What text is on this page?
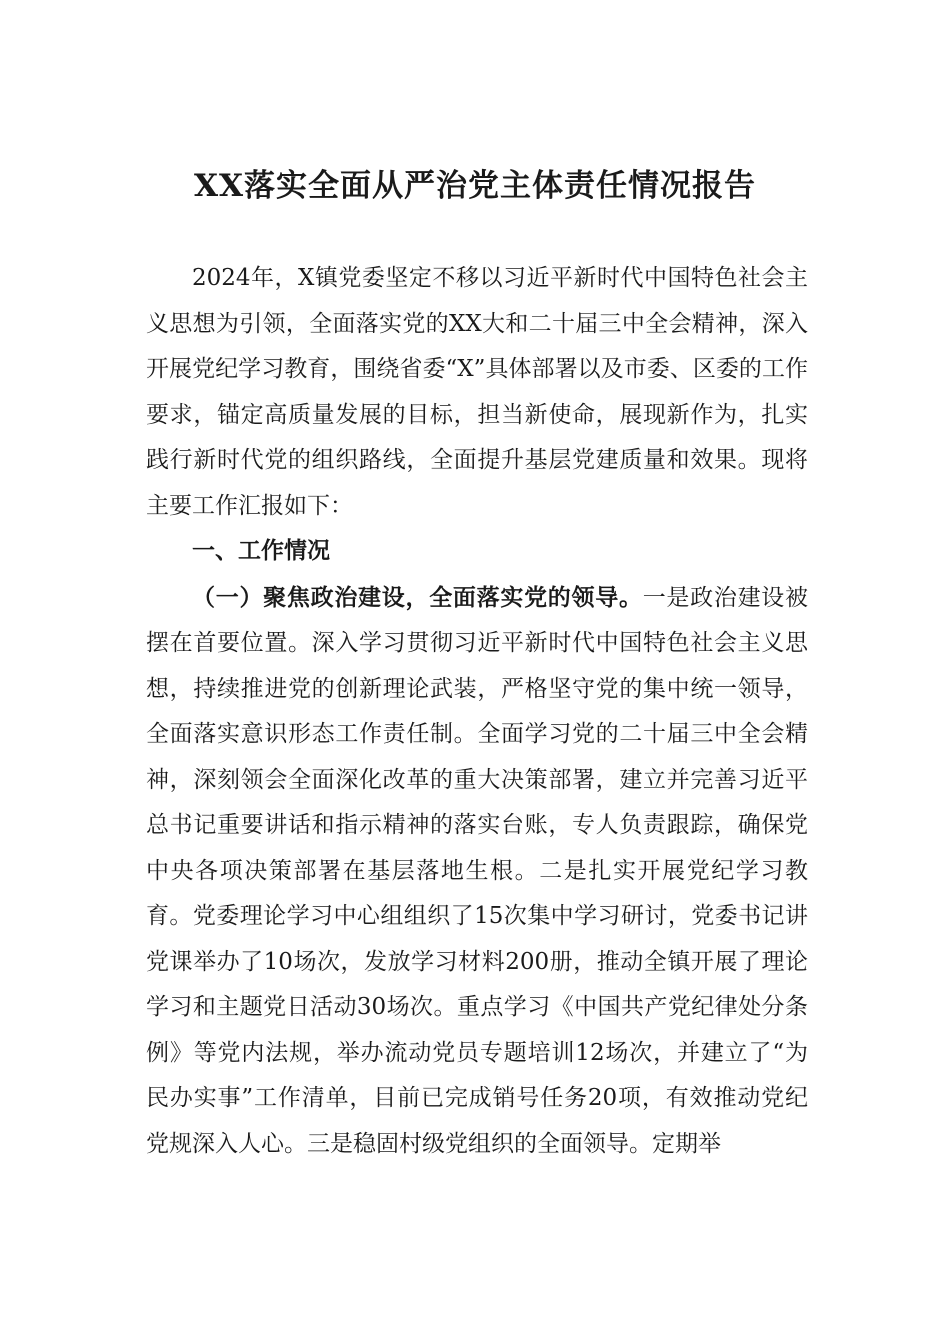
XX落实全面从严治党主体责任情况报告

2024年，X镇党委坚定不移以习近平新时代中国特色社会主义思想为引领，全面落实党的XX大和二十届三中全会精神，深入开展党纪学习教育，围绕省委“X”具体部署以及市委、区委的工作要求，锚定高质量发展的目标，担当新使命，展现新作为，扎实践行新时代党的组织路线，全面提升基层党建质量和效果。现将主要工作汇报如下：

一、工作情况

（一）聚焦政治建设，全面落实党的领导。一是政治建设被摆在首要位置。深入学习贯彻习近平新时代中国特色社会主义思想，持续推进党的创新理论武装，严格坚守党的集中统一领导，全面落实意识形态工作责任制。全面学习党的二十届三中全会精神，深刻领会全面深化改革的重大决策部署，建立并完善习近平总书记重要讲话和指示精神的落实台账，专人负责跟踪，确保党中央各项决策部署在基层落地生根。二是扎实开展党纪学习教育。党委理论学习中心组组织了15次集中学习研讨，党委书记讲党课举办了10场次，发放学习材料200册，推动全镇开展了理论学习和主题党日活动30场次。重点学习《中国共产党纪律处分条例》等党内法规，举办流动党员专题培训12场次，并建立了“为民办实事”工作清单，目前已完成销号任务20项，有效推动党纪党规深入人心。三是稳固村级党组织的全面领导。定期举
